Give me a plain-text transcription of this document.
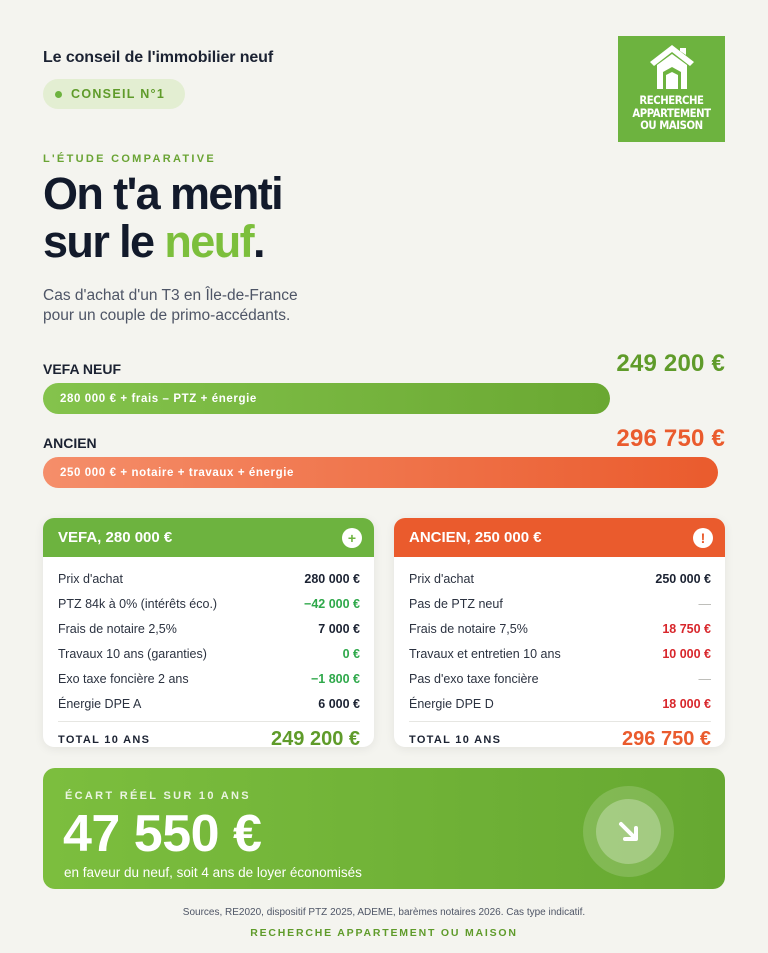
Le conseil de l'immobilier neuf
CONSEIL N°1	RECHERCHE
APPARTEMENT
OU MAISON
L'ÉTUDE COMPARATIVE
On t'a menti
sur le neuf.
Cas d'achat d'un T3 en Île-de-France
pour un couple de primo-accédants.
VEFA NEUF	249 200 €
280 000 € + frais – PTZ + énergie
ANCIEN	296 750 €
250 000 € + notaire + travaux + énergie
VEFA, 280 000 €	+
Prix d'achat	280 000 €
PTZ 84k à 0% (intérêts éco.)	−42 000 €
Frais de notaire 2,5%	7 000 €
Travaux 10 ans (garanties)	0 €
Exo taxe foncière 2 ans	−1 800 €
Énergie DPE A	6 000 €
TOTAL 10 ANS	249 200 €
ANCIEN, 250 000 €	!
Prix d'achat	250 000 €
Pas de PTZ neuf	—
Frais de notaire 7,5%	18 750 €
Travaux et entretien 10 ans	10 000 €
Pas d'exo taxe foncière	—
Énergie DPE D	18 000 €
TOTAL 10 ANS	296 750 €
ÉCART RÉEL SUR 10 ANS
47 550 €
en faveur du neuf, soit 4 ans de loyer économisés
Sources, RE2020, dispositif PTZ 2025, ADEME, barèmes notaires 2026. Cas type indicatif.
RECHERCHE APPARTEMENT OU MAISON
